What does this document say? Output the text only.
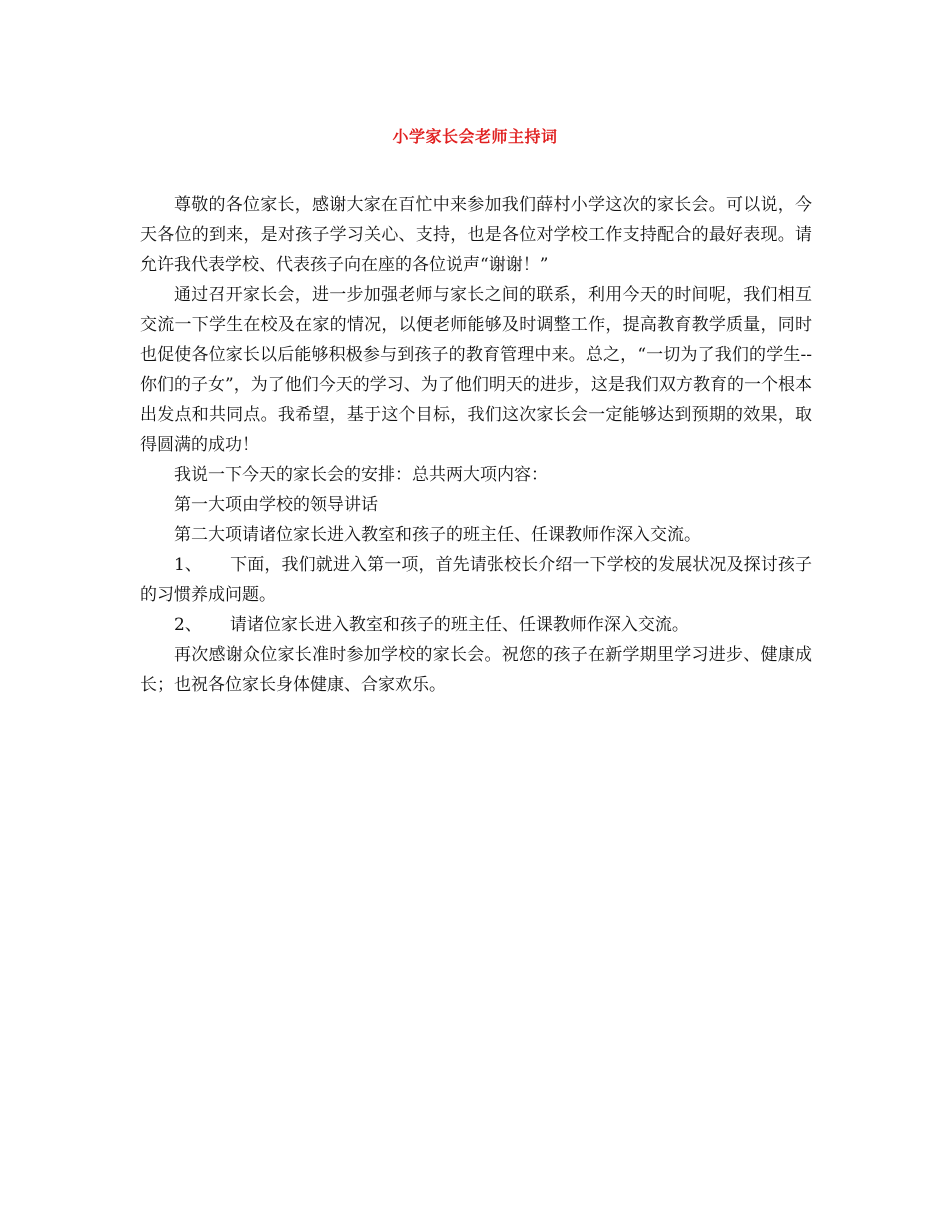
小学家长会老师主持词

尊敬的各位家长，感谢大家在百忙中来参加我们薛村小学这次的家长会。可以说，今天各位的到来，是对孩子学习关心、支持，也是各位对学校工作支持配合的最好表现。请允许我代表学校、代表孩子向在座的各位说声“谢谢！”

通过召开家长会，进一步加强老师与家长之间的联系，利用今天的时间呢，我们相互交流一下学生在校及在家的情况，以便老师能够及时调整工作，提高教育教学质量，同时也促使各位家长以后能够积极参与到孩子的教育管理中来。总之，“一切为了我们的学生--你们的子女”，为了他们今天的学习、为了他们明天的进步，这是我们双方教育的一个根本出发点和共同点。我希望，基于这个目标，我们这次家长会一定能够达到预期的效果，取得圆满的成功！

我说一下今天的家长会的安排：总共两大项内容：

第一大项由学校的领导讲话

第二大项请诸位家长进入教室和孩子的班主任、任课教师作深入交流。

1、 下面，我们就进入第一项，首先请张校长介绍一下学校的发展状况及探讨孩子的习惯养成问题。

2、 请诸位家长进入教室和孩子的班主任、任课教师作深入交流。

再次感谢众位家长准时参加学校的家长会。祝您的孩子在新学期里学习进步、健康成长；也祝各位家长身体健康、合家欢乐。
